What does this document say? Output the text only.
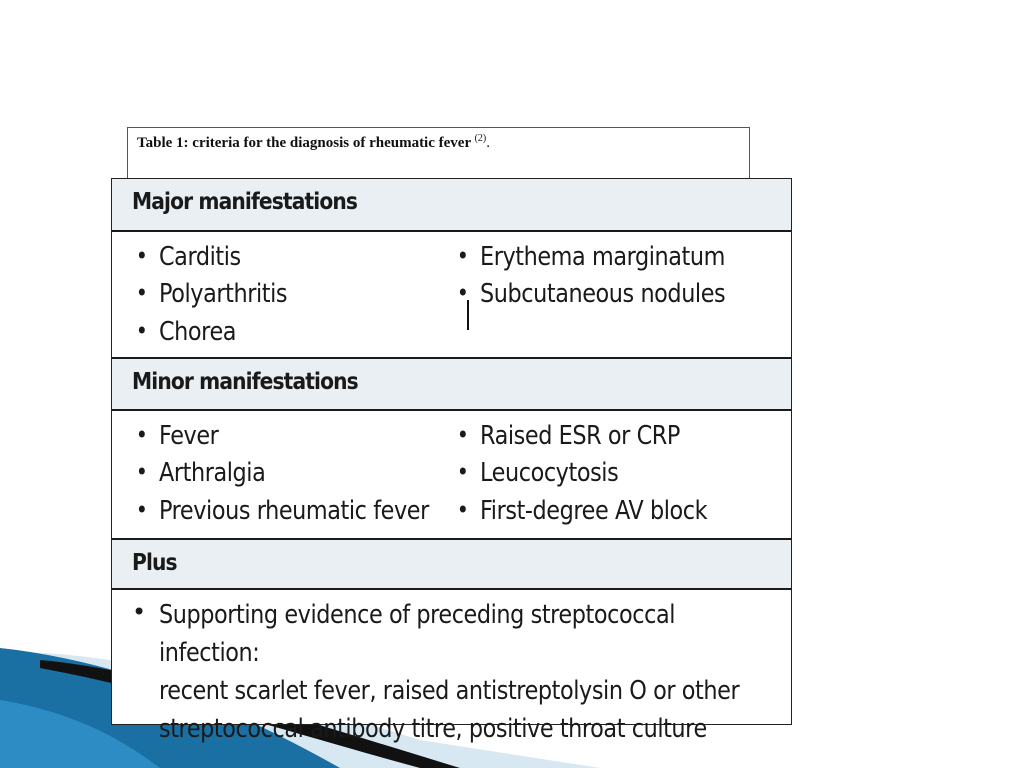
Table 1: criteria for the diagnosis of rheumatic fever $^{(2)}$.
Major manifestations
• Carditis
• Polyarthritis
• Chorea
• Erythema marginatum
• Subcutaneous nodules
Minor manifestations
• Fever
• Arthralgia
• Previous rheumatic fever
• Raised ESR or CRP
• Leucocytosis
• First-degree AV block
Plus
• Supporting evidence of preceding streptococcal infection:
recent scarlet fever, raised antistreptolysin O or other
streptococcal antibody titre, positive throat culture
